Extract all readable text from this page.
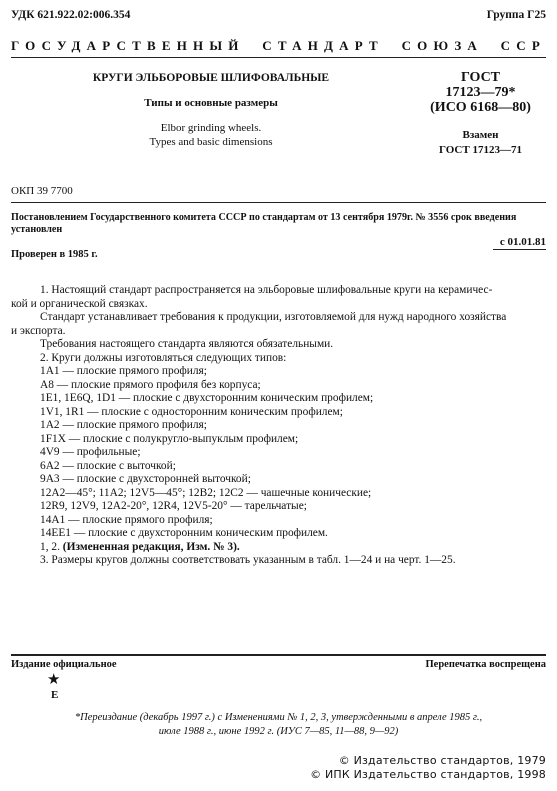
УДК 621.922.02:006.354	Группа Г25
ГОСУДАРСТВЕННЫЙ СТАНДАРТ СОЮЗА ССР
КРУГИ ЭЛЬБОРОВЫЕ ШЛИФОВАЛЬНЫЕ
Типы и основные размеры
Elbor grinding wheels.
Types and basic dimensions
ГОСТ
17123—79*
(ИСО 6168—80)
Взамен
ГОСТ 17123—71
ОКП 39 7700
Постановлением Государственного комитета СССР по стандартам от 13 сентября 1979г. № 3556 срок введения
установлен
с 01.01.81
Проверен в 1985 г.
1. Настоящий стандарт распространяется на эльборовые шлифовальные круги на керамичес-
кой и органической связках.
Стандарт устанавливает требования к продукции, изготовляемой для нужд народного хозяйства
и экспорта.
Требования настоящего стандарта являются обязательными.
2. Круги должны изготовляться следующих типов:
1A1 — плоские прямого профиля;
A8 — плоские прямого профиля без корпуса;
1E1, 1E6Q, 1D1 — плоские с двухсторонним коническим профилем;
1V1, 1R1 — плоские с односторонним коническим профилем;
1A2 — плоские прямого профиля;
1F1X — плоские с полукругло-выпуклым профилем;
4V9 — профильные;
6A2 — плоские с выточкой;
9A3 — плоские с двухсторонней выточкой;
12A2—45°; 11A2; 12V5—45°; 12B2; 12C2 — чашечные конические;
12R9, 12V9, 12A2-20°, 12R4, 12V5-20° — тарельчатые;
14A1 — плоские прямого профиля;
14EE1 — плоские с двухсторонним коническим профилем.
1, 2. (Измененная редакция, Изм. № 3).
3. Размеры кругов должны соответствовать указанным в табл. 1—24 и на черт. 1—25.
Издание официальное	Перепечатка воспрещена
★
E
*Переиздание (декабрь 1997 г.) с Изменениями № 1, 2, 3, утвержденными в апреле 1985 г.,
июле 1988 г., июне 1992 г. (ИУС 7—85, 11—88, 9—92)
© Издательство стандартов, 1979
© ИПК Издательство стандартов, 1998
